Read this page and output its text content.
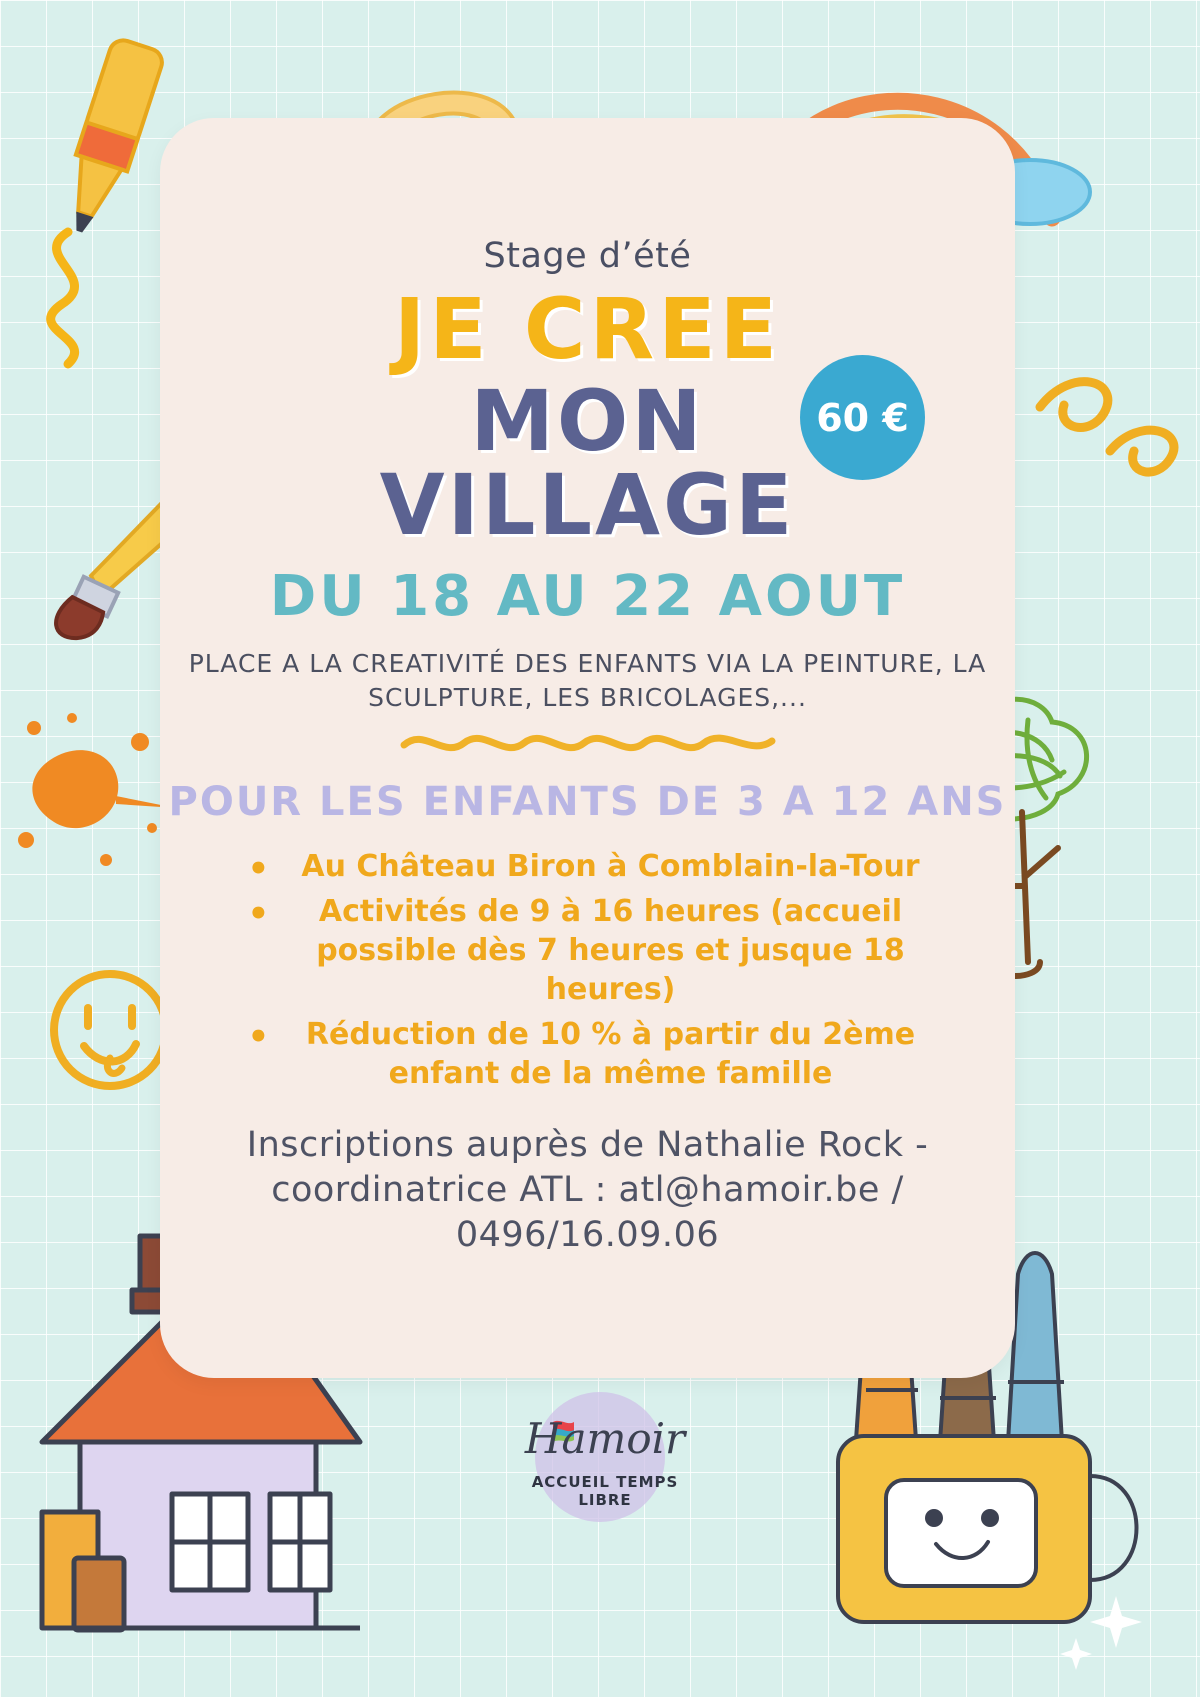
Stage d’été
JE CREE
MON
VILLAGE
DU 18 AU 22 AOUT
PLACE A LA CREATIVITÉ DES ENFANTS VIA LA PEINTURE, LA SCULPTURE, LES BRICOLAGES,...
POUR LES ENFANTS DE 3 A 12 ANS
• Au Château Biron à Comblain-la-Tour
• Activités de 9 à 16 heures (accueil possible dès 7 heures et jusque 18 heures)
• Réduction de 10 % à partir du 2ème enfant de la même famille
Inscriptions auprès de Nathalie Rock - coordinatrice ATL : atl@hamoir.be / 0496/16.09.06
60 €
Hamoir
ACCUEIL TEMPS LIBRE
